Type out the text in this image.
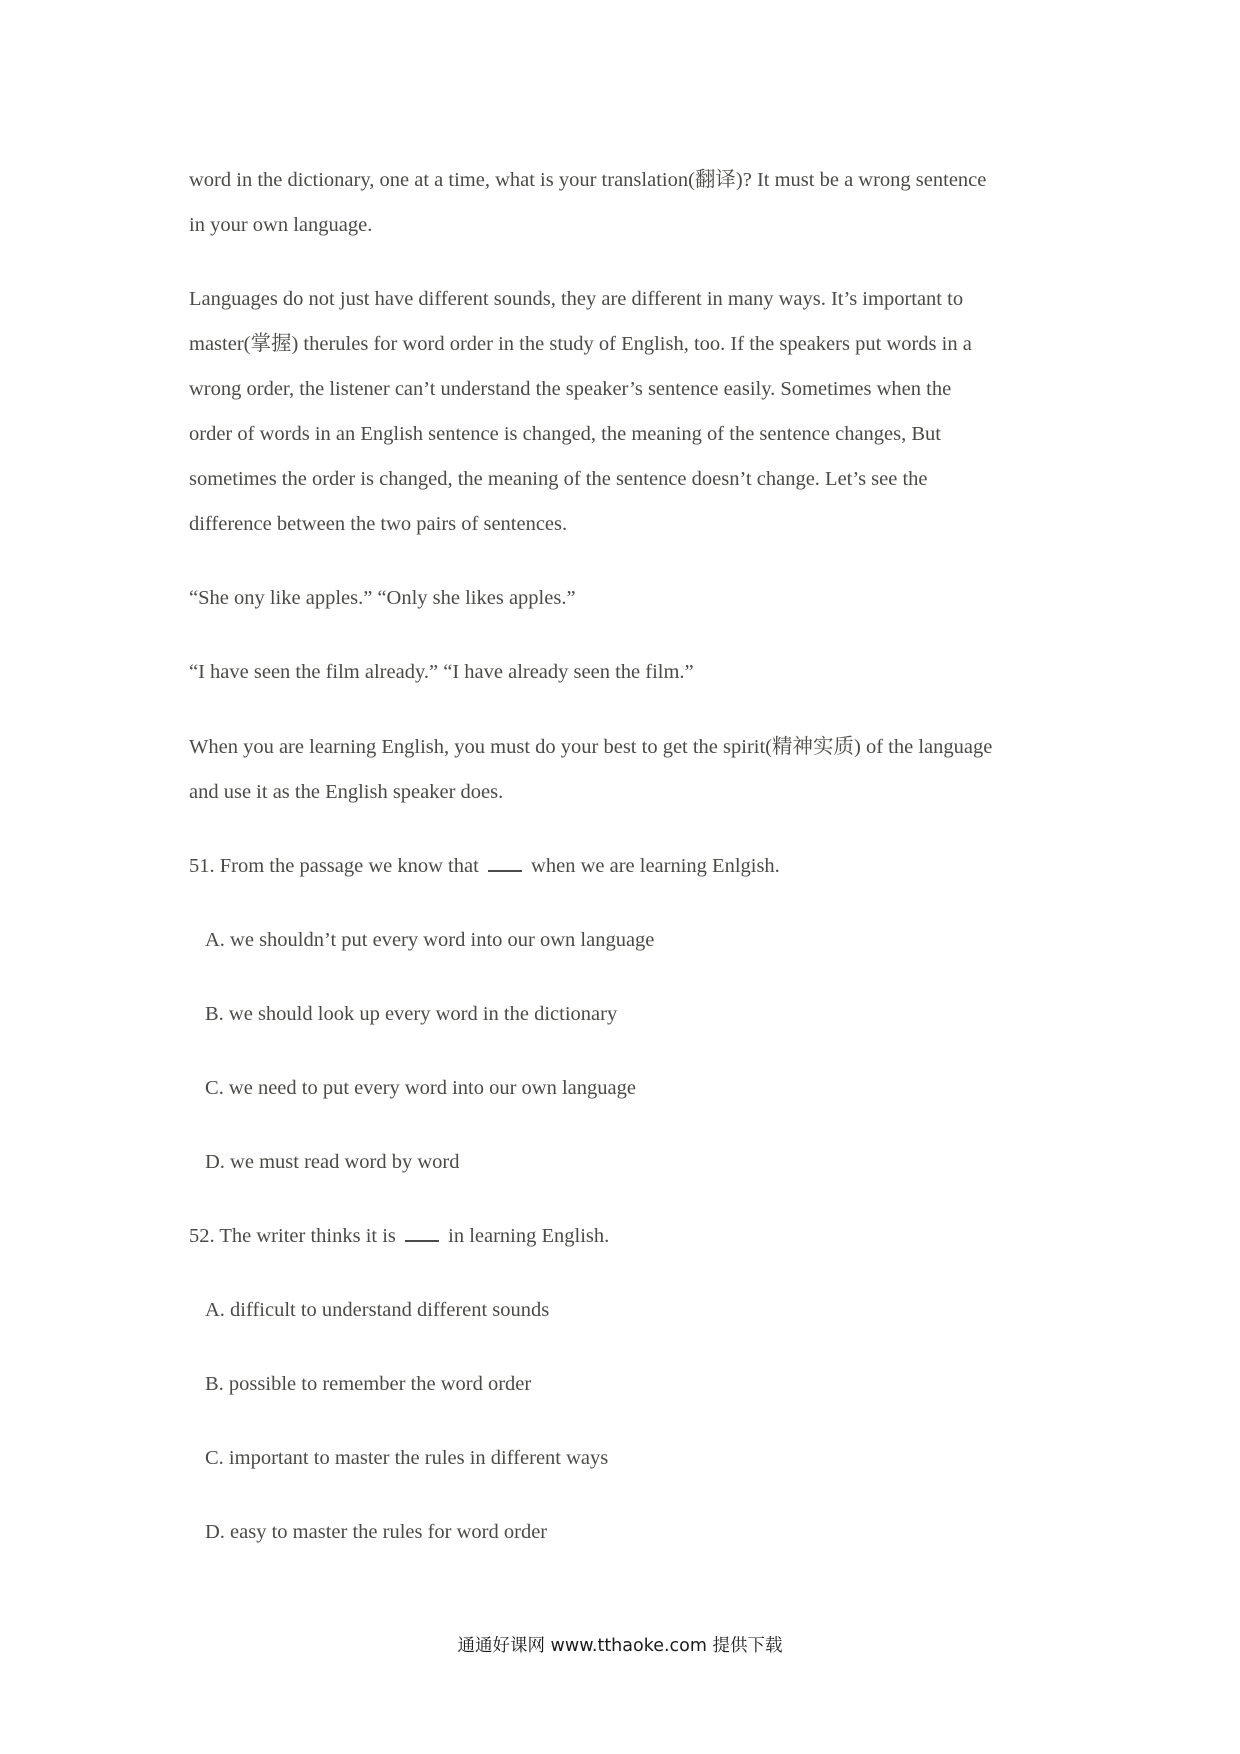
word in the dictionary, one at a time, what is your translation(翻译)? It must be a wrong sentence

in your own language.

Languages do not just have different sounds, they are different in many ways. It’s important to

master(掌握) therules for word order in the study of English, too. If the speakers put words in a

wrong order, the listener can’t understand the speaker’s sentence easily. Sometimes when the

order of words in an English sentence is changed, the meaning of the sentence changes, But

sometimes the order is changed, the meaning of the sentence doesn’t change. Let’s see the

difference between the two pairs of sentences.

“She ony like apples.” “Only she likes apples.”

“I have seen the film already.” “I have already seen the film.”

When you are learning English, you must do your best to get the spirit(精神实质) of the language

and use it as the English speaker does.

51. From the passage we know that	when we are learning Enlgish.

A. we shouldn’t put every word into our own language

B. we should look up every word in the dictionary

C. we need to put every word into our own language

D. we must read word by word

52. The writer thinks it is	in learning English.

A. difficult to understand different sounds

B. possible to remember the word order

C. important to master the rules in different ways

D. easy to master the rules for word order

通通好课网 www.tthaoke.com 提供下载
